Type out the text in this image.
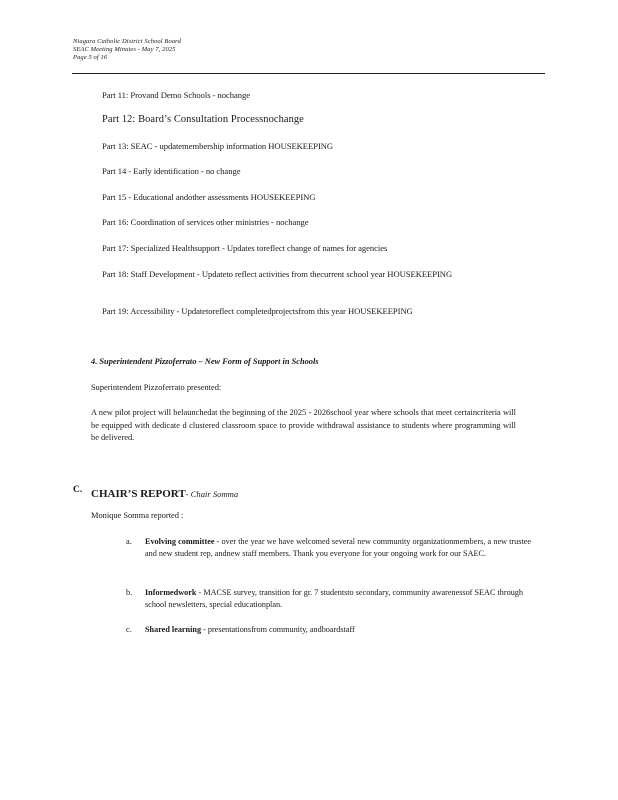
Niagara Catholic District School Board
SEAC Meeting Minutes - May 7, 2025
Page 5 of 16
Part 11: Provand Demo Schools - nochange
Part 12: Board’s Consultation Processnochange
Part 13: SEAC - updatemembership information HOUSEKEEPING
Part 14 - Early identification - no change
Part 15 - Educational andother assessments HOUSEKEEPING
Part 16: Coordination of services other ministries - nochange
Part 17: Specialized Healthsupport - Updates toreflect change of names for agencies
Part 18: Staff Development - Updateto reflect activities from thecurrent school year HOUSEKEEPING
Part 19: Accessibility - Updatetoreflect completedprojectsfrom this year HOUSEKEEPING
4. Superintendent Pizzoferrato – New Form of Support in Schools
Superintendent Pizzoferrato presented:
A new pilot project will belaunchedat the beginning of the 2025 - 2026school year where schools that meet certaincriteria will be equipped with dedicate d clustered classroom space to provide withdrawal assistance to students where programming will be delivered.
C. CHAIR’S REPORT- Chair Somma
Monique Somma reported :
a. Evolving committee - over the year we have welcomed several new community organizationmembers, a new trustee and new student rep, andnew staff members. Thank you everyone for your ongoing work for our SAEC.
b. Informedwork - MACSE survey, transition for gr. 7 studentsto secondary, community awarenessof SEAC through school newsletters, special educationplan.
c. Shared learning - presentationsfrom community, andboardstaff
